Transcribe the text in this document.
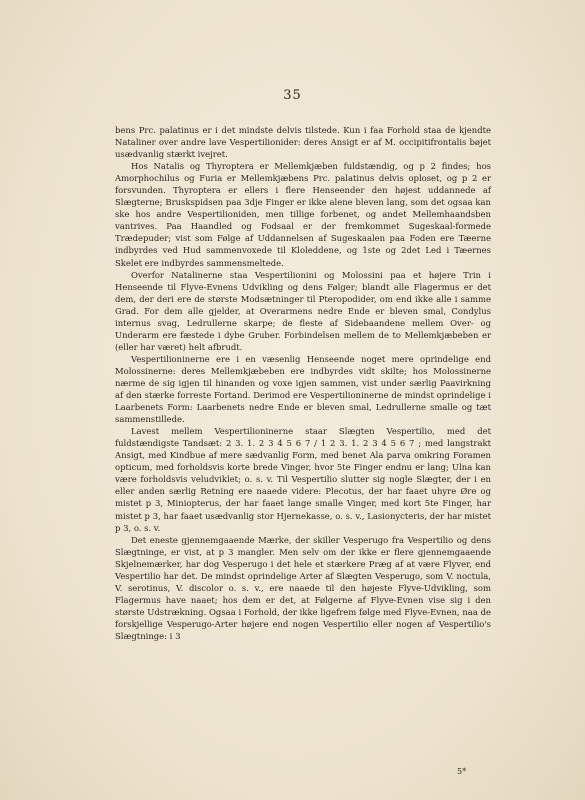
35

bens Prc. palatinus er i det mindste delvis tilstede. Kun i faa Forhold staa de kjendte Nataliner over andre lave Vespertilionider: deres Ansigt er af M. occipitifrontalis bøjet usædvanlig stærkt ivejret.

Hos Natalis og Thyroptera er Mellemkjæben fuldstændig, og p 2 findes; hos Amorphochilus og Furia er Mellemkjæbens Prc. palatinus delvis oploset, og p 2 er forsvunden. Thyroptera er ellers i flere Henseender den højest uddannede af Slægterne; Bruskspidsen paa 3dje Finger er ikke alene bleven lang, som det ogsaa kan ske hos andre Vespertilioniden, men tillige forbenet, og andet Mellemhaandsben vantrives. Paa Haandled og Fodsaal er der fremkommet Sugeskaal-formede Trædepuder; vist som Følge af Uddannelsen af Sugeskaalen paa Foden ere Tæerne indbyrdes ved Hud sammenvoxede til Kloleddene, og 1ste og 2det Led i Tæernes Skelet ere indbyrdes sammensmeltede.

Overfor Natalinerne staa Vespertilionini og Molossini paa et højere Trin i Henseende til Flyve-Evnens Udvikling og dens Følger; blandt alle Flagermus er det dem, der deri ere de største Modsætninger til Pteropodider, om end ikke alle i samme Grad. For dem alle gjelder, at Overarmens nedre Ende er bleven smal, Condylus internus svag, Ledrullerne skarpe; de fleste af Sidebaandene mellem Over- og Underarm ere fæstede i dybe Gruber. Forbindelsen mellem de to Mellemkjæbeben er (eller har været) helt afbrudt.

Vespertilioninerne ere i en væsenlig Henseende noget mere oprindelige end Molossinerne: deres Mellemkjæbeben ere indbyrdes vidt skilte; hos Molossinerne nærme de sig igjen til hinanden og voxe igjen sammen, vist under særlig Paavirkning af den stærke forreste Fortand. Derimod ere Vespertilioninerne de mindst oprindelige i Laarbenets Form: Laarbenets nedre Ende er bleven smal, Ledrullerne smalle og tæt sammenstillede.

Lavest mellem Vespertilioninerne staar Slægten Vespertilio, med det fuldstændigste Tandsæt: 2 3. 1. 2 3 4 5 6 7 / 1 2 3. 1. 2 3 4 5 6 7 ; med langstrakt Ansigt, med Kindbue af mere sædvanlig Form, med benet Ala parva omkring Foramen opticum, med forholdsvis korte brede Vinger, hvor 5te Finger endnu er lang; Ulna kan være forholdsvis veludviklet; o. s. v. Til Vespertilio slutter sig nogle Slægter, der i en eller anden særlig Retning ere naaede videre: Plecotus, der har faaet uhyre Øre og mistet p 3, Miniopterus, der har faaet lange smalle Vinger, med kort 5te Finger, har mistet p 3, har faaet usædvanlig stor Hjernekasse, o. s. v., Lasionycteris, der har mistet p 3, o. s. v.

Det eneste gjennemgaaende Mærke, der skiller Vesperugo fra Vespertilio og dens Slægtninge, er vist, at p 3 mangler. Men selv om der ikke er flere gjennemgaaende Skjelnemærker, har dog Vesperugo i det hele et stærkere Præg af at være Flyver, end Vespertilio har det. De mindst oprindelige Arter af Slægten Vesperugo, som V. noctula, V. serotinus, V. discolor o. s. v., ere naaede til den højeste Flyve-Udvikling, som Flagermus have naaet; hos dem er det, at Følgerne af Flyve-Evnen vise sig i den største Udstrækning. Ogsaa i Forhold, der ikke ligefrem følge med Flyve-Evnen, naa de forskjellige Vesperugo-Arter højere end nogen Vespertilio eller nogen af Vespertilio's Slægtninge: i 3

5*
